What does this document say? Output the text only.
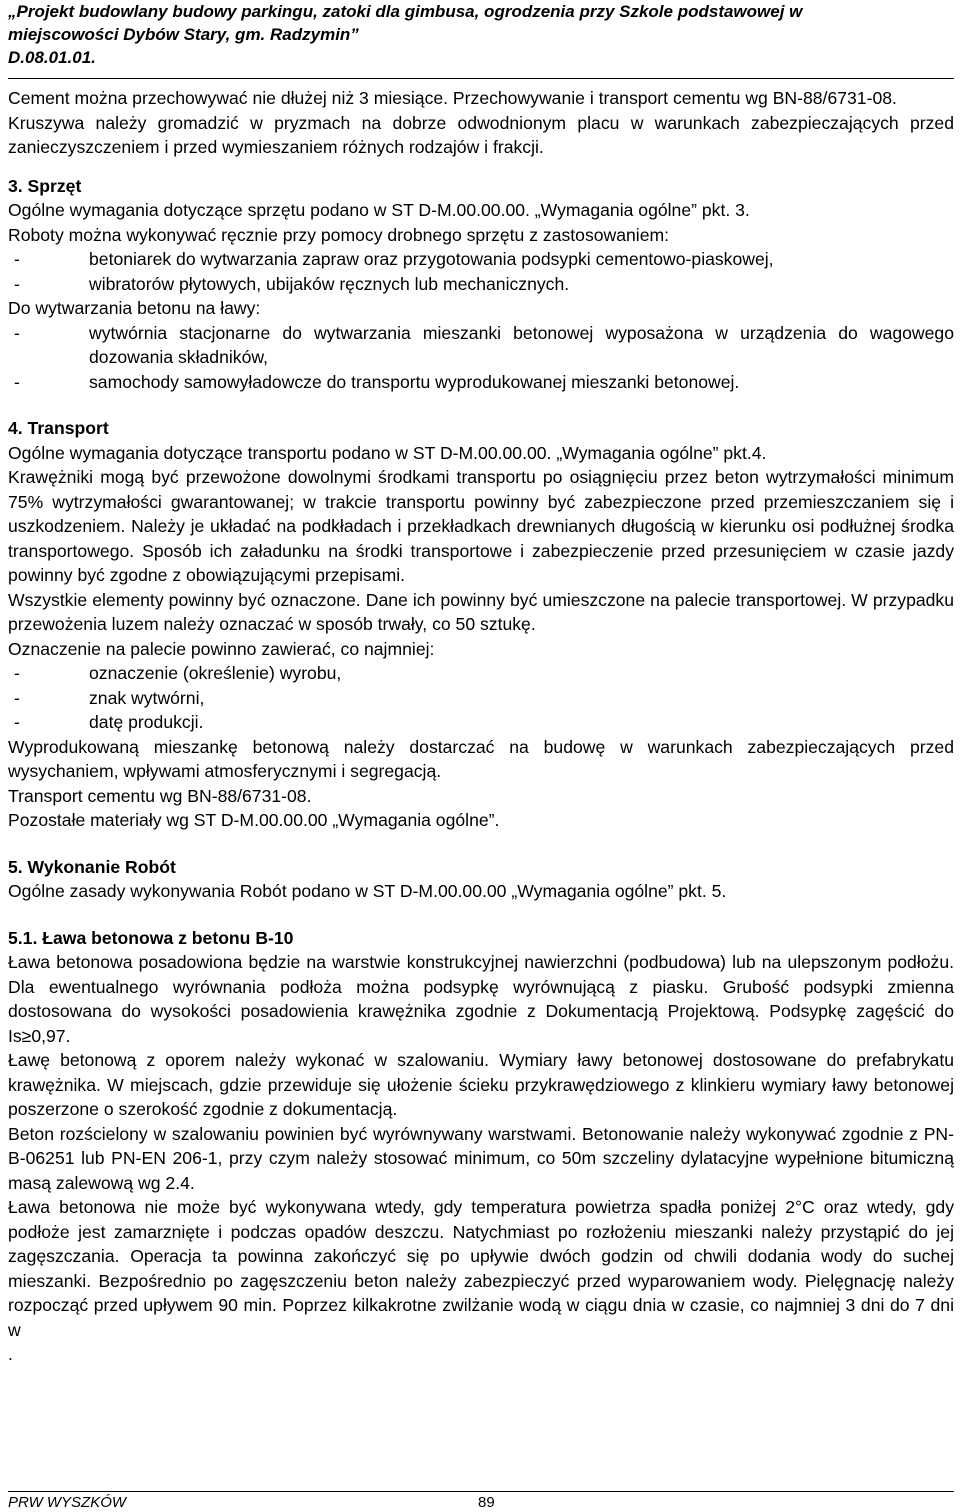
„Projekt budowlany budowy parkingu, zatoki dla gimbusa, ogrodzenia przy Szkole podstawowej w
miejscowości Dybów Stary, gm. Radzymin”
D.08.01.01.

Cement można przechowywać nie dłużej niż 3 miesiące. Przechowywanie i transport cementu wg BN-88/6731-08.

Kruszywa należy gromadzić w pryzmach na dobrze odwodnionym placu w warunkach zabezpieczających przed zanieczyszczeniem i przed wymieszaniem różnych rodzajów i frakcji.

3. Sprzęt

Ogólne wymagania dotyczące sprzętu podano w ST D-M.00.00.00. „Wymagania ogólne” pkt. 3.

Roboty można wykonywać ręcznie przy pomocy drobnego sprzętu z zastosowaniem:

- betoniarek do wytwarzania zapraw oraz przygotowania podsypki cementowo-piaskowej,
- wibratorów płytowych, ubijaków ręcznych lub mechanicznych.

Do wytwarzania betonu na ławy:

- wytwórnia stacjonarne do wytwarzania mieszanki betonowej wyposażona w urządzenia do wagowego dozowania składników,
- samochody samowyładowcze do transportu wyprodukowanej mieszanki betonowej.
4. Transport

Ogólne wymagania dotyczące transportu podano w ST D-M.00.00.00. „Wymagania ogólne” pkt.4.

Krawężniki mogą być przewożone dowolnymi środkami transportu po osiągnięciu przez beton wytrzymałości minimum 75% wytrzymałości gwarantowanej; w trakcie transportu powinny być zabezpieczone przed przemieszczaniem się i uszkodzeniem. Należy je układać na podkładach i przekładkach drewnianych długością w kierunku osi podłużnej środka transportowego. Sposób ich załadunku na środki transportowe i zabezpieczenie przed przesunięciem w czasie jazdy powinny być zgodne z obowiązującymi przepisami.

Wszystkie elementy powinny być oznaczone. Dane ich powinny być umieszczone na palecie transportowej. W przypadku przewożenia luzem należy oznaczać w sposób trwały, co 50 sztukę.

Oznaczenie na palecie powinno zawierać, co najmniej:

- oznaczenie (określenie) wyrobu,
- znak wytwórni,
- datę produkcji.

Wyprodukowaną mieszankę betonową należy dostarczać na budowę w warunkach zabezpieczających przed wysychaniem, wpływami atmosferycznymi i segregacją.

Transport cementu wg BN-88/6731-08.

Pozostałe materiały wg ST D-M.00.00.00 „Wymagania ogólne”.

5. Wykonanie Robót

Ogólne zasady wykonywania Robót podano w ST D-M.00.00.00 „Wymagania ogólne” pkt. 5.

5.1. Ława betonowa z betonu B-10

Ława betonowa posadowiona będzie na warstwie konstrukcyjnej nawierzchni (podbudowa) lub na ulepszonym podłożu. Dla ewentualnego wyrównania podłoża można podsypkę wyrównującą z piasku. Grubość podsypki zmienna dostosowana do wysokości posadowienia krawężnika zgodnie z Dokumentacją Projektową. Podsypkę zagęścić do Is≥0,97.

Ławę betonową z oporem należy wykonać w szalowaniu. Wymiary ławy betonowej dostosowane do prefabrykatu krawężnika. W miejscach, gdzie przewiduje się ułożenie ścieku przykrawędziowego z klinkieru wymiary ławy betonowej poszerzone o szerokość zgodnie z dokumentacją.

Beton rozścielony w szalowaniu powinien być wyrównywany warstwami. Betonowanie należy wykonywać zgodnie z PN-B-06251 lub PN-EN 206-1, przy czym należy stosować minimum, co 50m szczeliny dylatacyjne wypełnione bitumiczną masą zalewową wg 2.4.

Ława betonowa nie może być wykonywana wtedy, gdy temperatura powietrza spadła poniżej 2°C oraz wtedy, gdy podłoże jest zamarznięte i podczas opadów deszczu. Natychmiast po rozłożeniu mieszanki należy przystąpić do jej zagęszczania. Operacja ta powinna zakończyć się po upływie dwóch godzin od chwili dodania wody do suchej mieszanki. Bezpośrednio po zagęszczeniu beton należy zabezpieczyć przed wyparowaniem wody. Pielęgnację należy rozpocząć przed upływem 90 min. Poprzez kilkakrotne zwilżanie wodą w ciągu dnia w czasie, co najmniej 3 dni do 7 dni w

.

PRW WYSZKÓW	89
